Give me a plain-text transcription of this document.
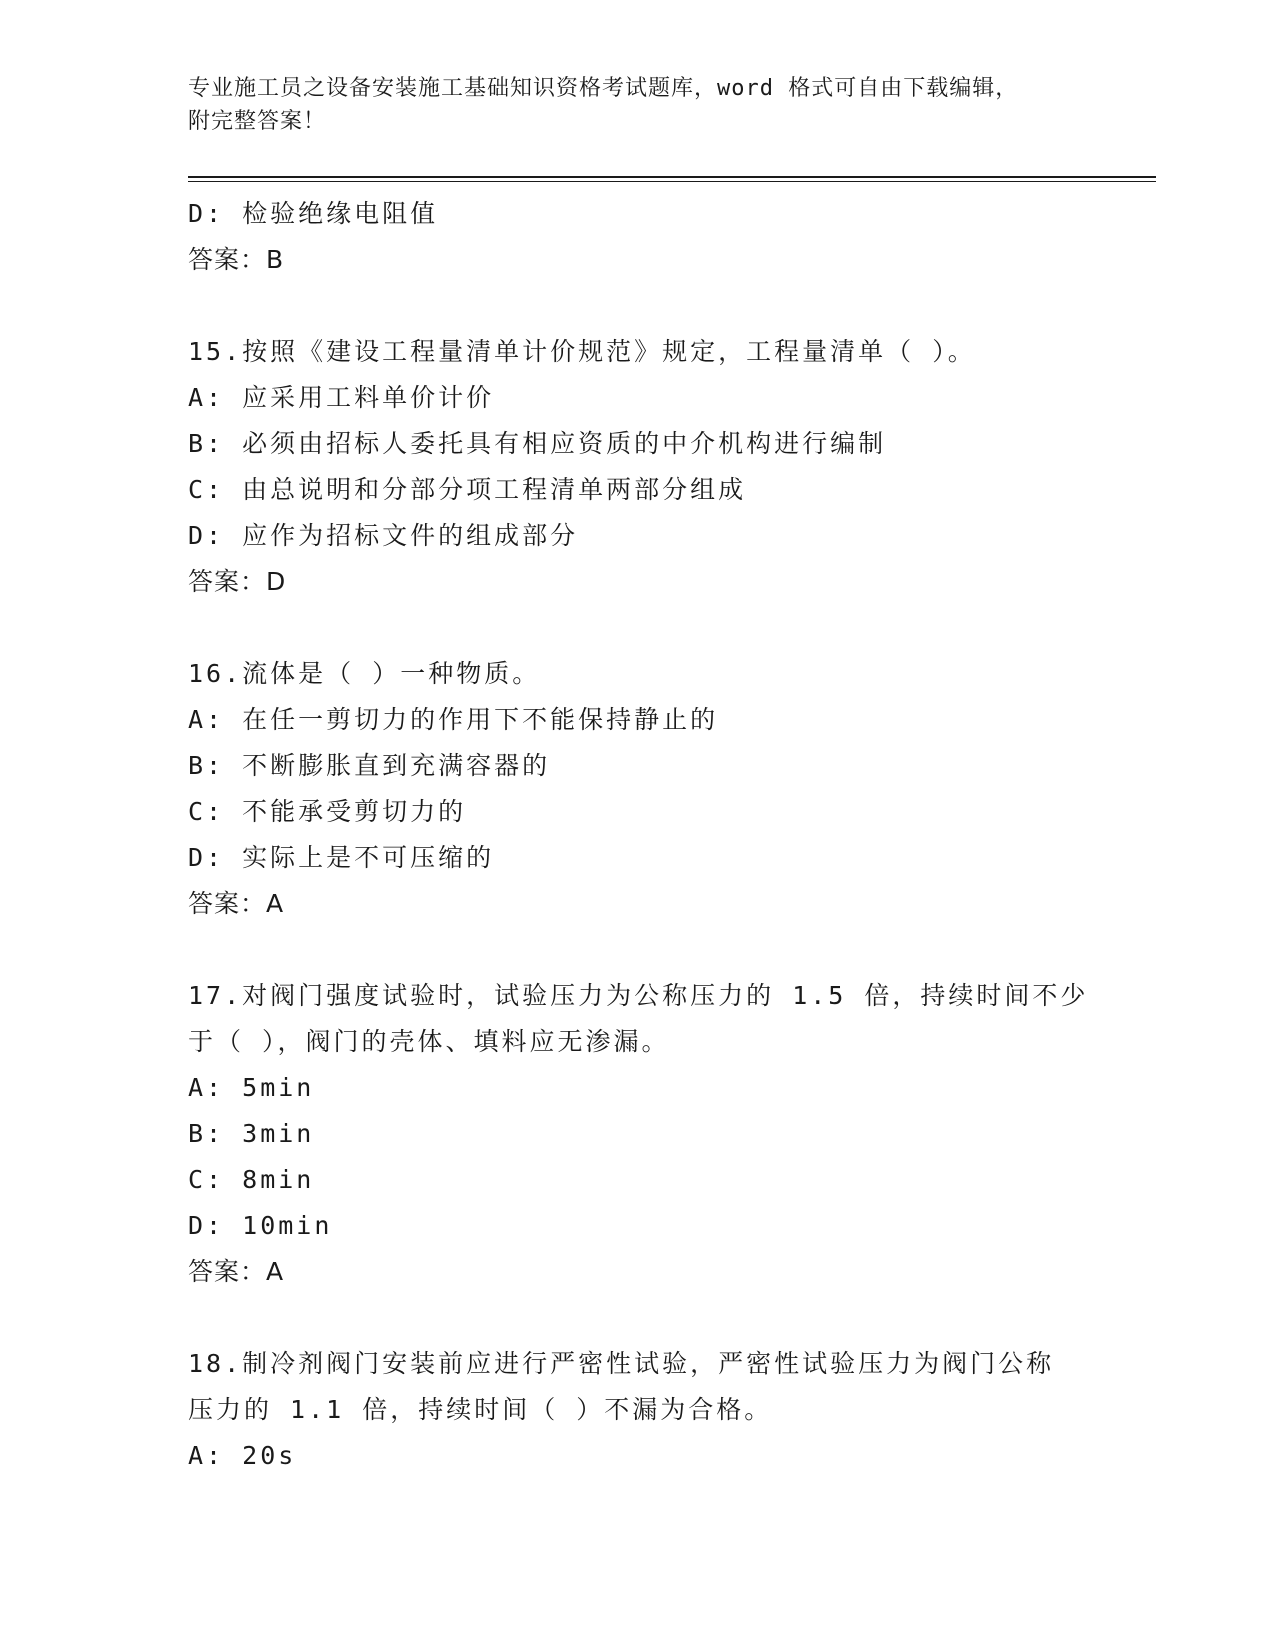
专业施工员之设备安装施工基础知识资格考试题库，word 格式可自由下载编辑，
附完整答案！
D: 检验绝缘电阻值
答案：B
15.按照《建设工程量清单计价规范》规定，工程量清单（ ）。
A: 应采用工料单价计价
B: 必须由招标人委托具有相应资质的中介机构进行编制
C: 由总说明和分部分项工程清单两部分组成
D: 应作为招标文件的组成部分
答案：D
16.流体是（ ）一种物质。
A: 在任一剪切力的作用下不能保持静止的
B: 不断膨胀直到充满容器的
C: 不能承受剪切力的
D: 实际上是不可压缩的
答案：A
17.对阀门强度试验时，试验压力为公称压力的 1.5 倍，持续时间不少
于（ ），阀门的壳体、填料应无渗漏。
A: 5min
B: 3min
C: 8min
D: 10min
答案：A
18.制冷剂阀门安装前应进行严密性试验，严密性试验压力为阀门公称
压力的 1.1 倍，持续时间（ ）不漏为合格。
A: 20s
